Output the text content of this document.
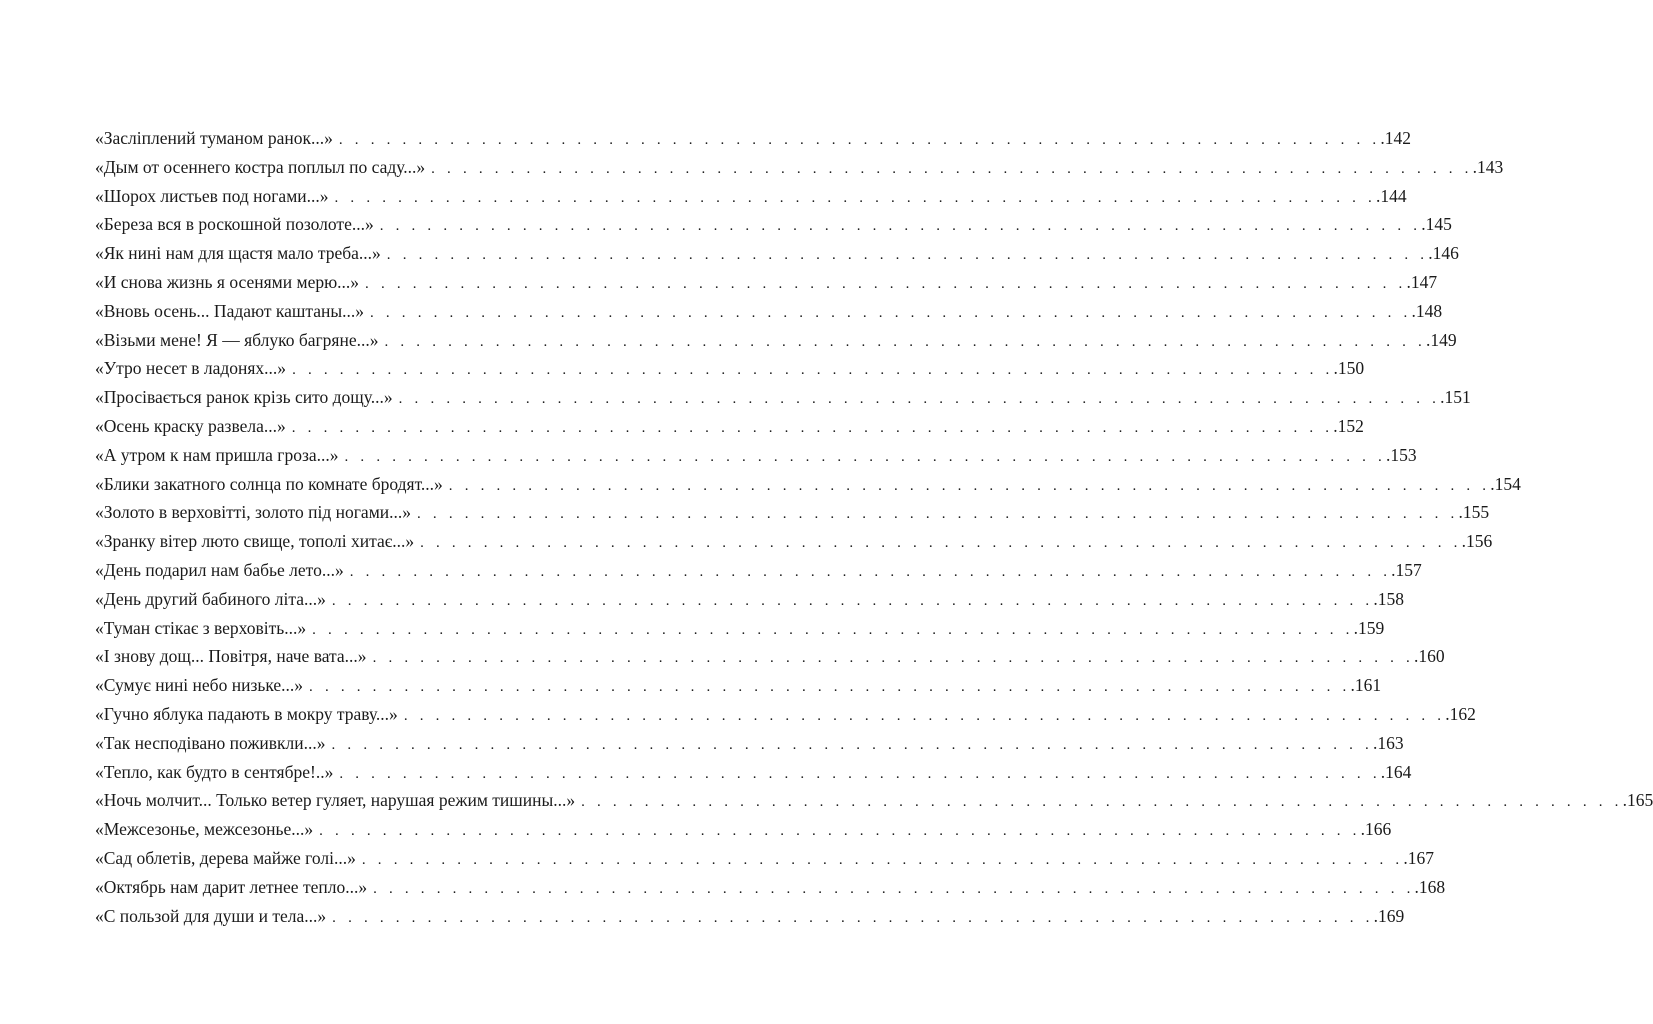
«Засліплений туманом ранок...» . . . . . . . . . . . . . . . . . . . . . . . . . . . . . . . . . . . . . . . . . . . . . . . . . . . . . . . . . . . . . . . . . . .142
«Дым от осеннего костра поплыл по саду...» . . . . . . . . . . . . . . . . . . . . . . . . . . . . . . . . . . . . . . . . . . . . . . . . . . . . . . . . . . . . . . . . . . .143
«Шорох листьев под ногами...» . . . . . . . . . . . . . . . . . . . . . . . . . . . . . . . . . . . . . . . . . . . . . . . . . . . . . . . . . . . . . . . . . . .144
«Береза вся в роскошной позолоте...» . . . . . . . . . . . . . . . . . . . . . . . . . . . . . . . . . . . . . . . . . . . . . . . . . . . . . . . . . . . . . . . . . . .145
«Як нині нам для щастя мало треба...» . . . . . . . . . . . . . . . . . . . . . . . . . . . . . . . . . . . . . . . . . . . . . . . . . . . . . . . . . . . . . . . . . . .146
«И снова жизнь я осенями мерю...» . . . . . . . . . . . . . . . . . . . . . . . . . . . . . . . . . . . . . . . . . . . . . . . . . . . . . . . . . . . . . . . . . . .147
«Вновь осень... Падают каштаны...» . . . . . . . . . . . . . . . . . . . . . . . . . . . . . . . . . . . . . . . . . . . . . . . . . . . . . . . . . . . . . . . . . . .148
«Візьми мене! Я — яблуко багряне...» . . . . . . . . . . . . . . . . . . . . . . . . . . . . . . . . . . . . . . . . . . . . . . . . . . . . . . . . . . . . . . . . . . .149
«Утро несет в ладонях...» . . . . . . . . . . . . . . . . . . . . . . . . . . . . . . . . . . . . . . . . . . . . . . . . . . . . . . . . . . . . . . . . . . .150
«Просівається ранок крізь сито дощу...» . . . . . . . . . . . . . . . . . . . . . . . . . . . . . . . . . . . . . . . . . . . . . . . . . . . . . . . . . . . . . . . . . . .151
«Осень краску развела...» . . . . . . . . . . . . . . . . . . . . . . . . . . . . . . . . . . . . . . . . . . . . . . . . . . . . . . . . . . . . . . . . . . .152
«А утром к нам пришла гроза...» . . . . . . . . . . . . . . . . . . . . . . . . . . . . . . . . . . . . . . . . . . . . . . . . . . . . . . . . . . . . . . . . . . .153
«Блики закатного солнца по комнате бродят...» . . . . . . . . . . . . . . . . . . . . . . . . . . . . . . . . . . . . . . . . . . . . . . . . . . . . . . . . . . . . . . . . . . .154
«Золото в верховітті, золото під ногами...» . . . . . . . . . . . . . . . . . . . . . . . . . . . . . . . . . . . . . . . . . . . . . . . . . . . . . . . . . . . . . . . . . . .155
«Зранку вітер люто свище, тополі хитає...» . . . . . . . . . . . . . . . . . . . . . . . . . . . . . . . . . . . . . . . . . . . . . . . . . . . . . . . . . . . . . . . . . . .156
«День подарил нам бабье лето...» . . . . . . . . . . . . . . . . . . . . . . . . . . . . . . . . . . . . . . . . . . . . . . . . . . . . . . . . . . . . . . . . . . .157
«День другий бабиного літа...» . . . . . . . . . . . . . . . . . . . . . . . . . . . . . . . . . . . . . . . . . . . . . . . . . . . . . . . . . . . . . . . . . . .158
«Туман стікає з верховіть...» . . . . . . . . . . . . . . . . . . . . . . . . . . . . . . . . . . . . . . . . . . . . . . . . . . . . . . . . . . . . . . . . . . .159
«І знову дощ... Повітря, наче вата...» . . . . . . . . . . . . . . . . . . . . . . . . . . . . . . . . . . . . . . . . . . . . . . . . . . . . . . . . . . . . . . . . . . .160
«Сумує нині небо низьке...» . . . . . . . . . . . . . . . . . . . . . . . . . . . . . . . . . . . . . . . . . . . . . . . . . . . . . . . . . . . . . . . . . . .161
«Гучно яблука падають в мокру траву...» . . . . . . . . . . . . . . . . . . . . . . . . . . . . . . . . . . . . . . . . . . . . . . . . . . . . . . . . . . . . . . . . . . .162
«Так несподівано поживкли...» . . . . . . . . . . . . . . . . . . . . . . . . . . . . . . . . . . . . . . . . . . . . . . . . . . . . . . . . . . . . . . . . . . .163
«Тепло, как будто в сентябре!..» . . . . . . . . . . . . . . . . . . . . . . . . . . . . . . . . . . . . . . . . . . . . . . . . . . . . . . . . . . . . . . . . . . .164
«Ночь молчит... Только ветер гуляет, нарушая режим тишины...» . . . . . . . . . . . . . . . . . . . . . . . . . . . . . . . . . . . . . . . . . . . . . . . . . . . . . . . . . . . . . . . . . . .165
«Межсезонье, межсезонье...» . . . . . . . . . . . . . . . . . . . . . . . . . . . . . . . . . . . . . . . . . . . . . . . . . . . . . . . . . . . . . . . . . . .166
«Сад облетів, дерева майже голі...» . . . . . . . . . . . . . . . . . . . . . . . . . . . . . . . . . . . . . . . . . . . . . . . . . . . . . . . . . . . . . . . . . . .167
«Октябрь нам дарит летнее тепло...» . . . . . . . . . . . . . . . . . . . . . . . . . . . . . . . . . . . . . . . . . . . . . . . . . . . . . . . . . . . . . . . . . . .168
«С пользой для души и тела...» . . . . . . . . . . . . . . . . . . . . . . . . . . . . . . . . . . . . . . . . . . . . . . . . . . . . . . . . . . . . . . . . . . .169
